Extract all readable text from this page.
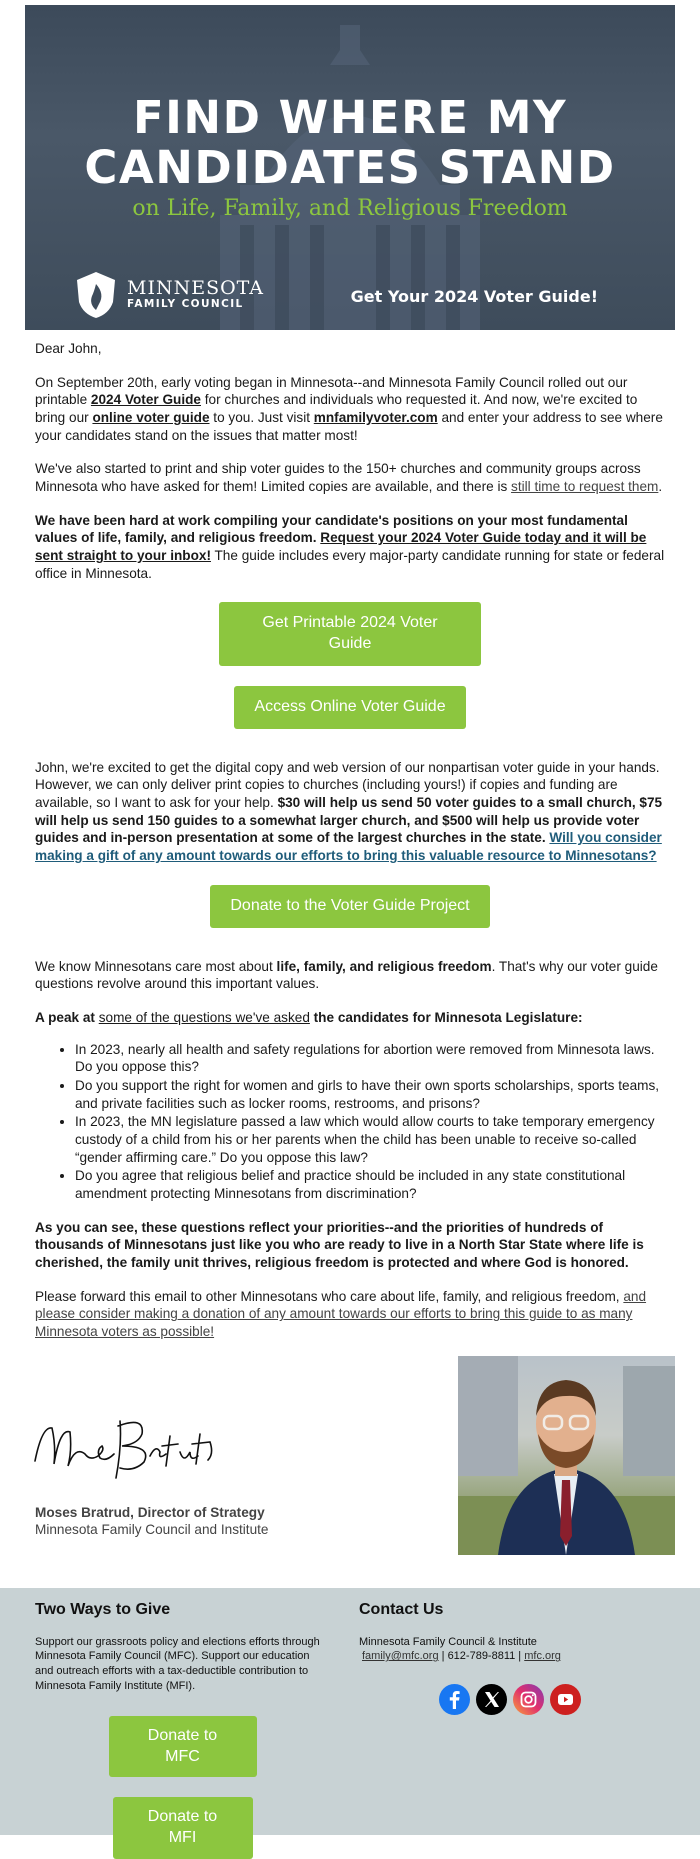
FIND WHERE MY
CANDIDATES STAND
on Life, Family, and Religious Freedom
MINNESOTA
FAMILY COUNCIL	Get Your 2024 Voter Guide!
Dear John,
On September 20th, early voting began in Minnesota--and Minnesota Family Council rolled out our printable 2024 Voter Guide for churches and individuals who requested it. And now, we're excited to bring our online voter guide to you. Just visit mnfamilyvoter.com and enter your address to see where your candidates stand on the issues that matter most!
We've also started to print and ship voter guides to the 150+ churches and community groups across Minnesota who have asked for them! Limited copies are available, and there is still time to request them.
We have been hard at work compiling your candidate's positions on your most fundamental values of life, family, and religious freedom. Request your 2024 Voter Guide today and it will be sent straight to your inbox! The guide includes every major-party candidate running for state or federal office in Minnesota.
Get Printable 2024 Voter Guide
Access Online Voter Guide
John, we're excited to get the digital copy and web version of our nonpartisan voter guide in your hands. However, we can only deliver print copies to churches (including yours!) if copies and funding are available, so I want to ask for your help. $30 will help us send 50 voter guides to a small church, $75 will help us send 150 guides to a somewhat larger church, and $500 will help us provide voter guides and in-person presentation at some of the largest churches in the state. Will you consider making a gift of any amount towards our efforts to bring this valuable resource to Minnesotans?
Donate to the Voter Guide Project
We know Minnesotans care most about life, family, and religious freedom. That's why our voter guide questions revolve around this important values.
A peak at some of the questions we've asked the candidates for Minnesota Legislature:
• In 2023, nearly all health and safety regulations for abortion were removed from Minnesota laws. Do you oppose this?
• Do you support the right for women and girls to have their own sports scholarships, sports teams, and private facilities such as locker rooms, restrooms, and prisons?
• In 2023, the MN legislature passed a law which would allow courts to take temporary emergency custody of a child from his or her parents when the child has been unable to receive so-called “gender affirming care.” Do you oppose this law?
• Do you agree that religious belief and practice should be included in any state constitutional amendment protecting Minnesotans from discrimination?
As you can see, these questions reflect your priorities--and the priorities of hundreds of thousands of Minnesotans just like you who are ready to live in a North Star State where life is cherished, the family unit thrives, religious freedom is protected and where God is honored.
Please forward this email to other Minnesotans who care about life, family, and religious freedom, and please consider making a donation of any amount towards our efforts to bring this guide to as many Minnesota voters as possible!
Moses Bratrud, Director of Strategy
Minnesota Family Council and Institute
Two Ways to Give
Support our grassroots policy and elections efforts through Minnesota Family Council (MFC). Support our education and outreach efforts with a tax-deductible contribution to Minnesota Family Institute (MFI).
Donate to MFC
Donate to MFI
Contact Us
Minnesota Family Council & Institute
family@mfc.org | 612-789-8811 | mfc.org
